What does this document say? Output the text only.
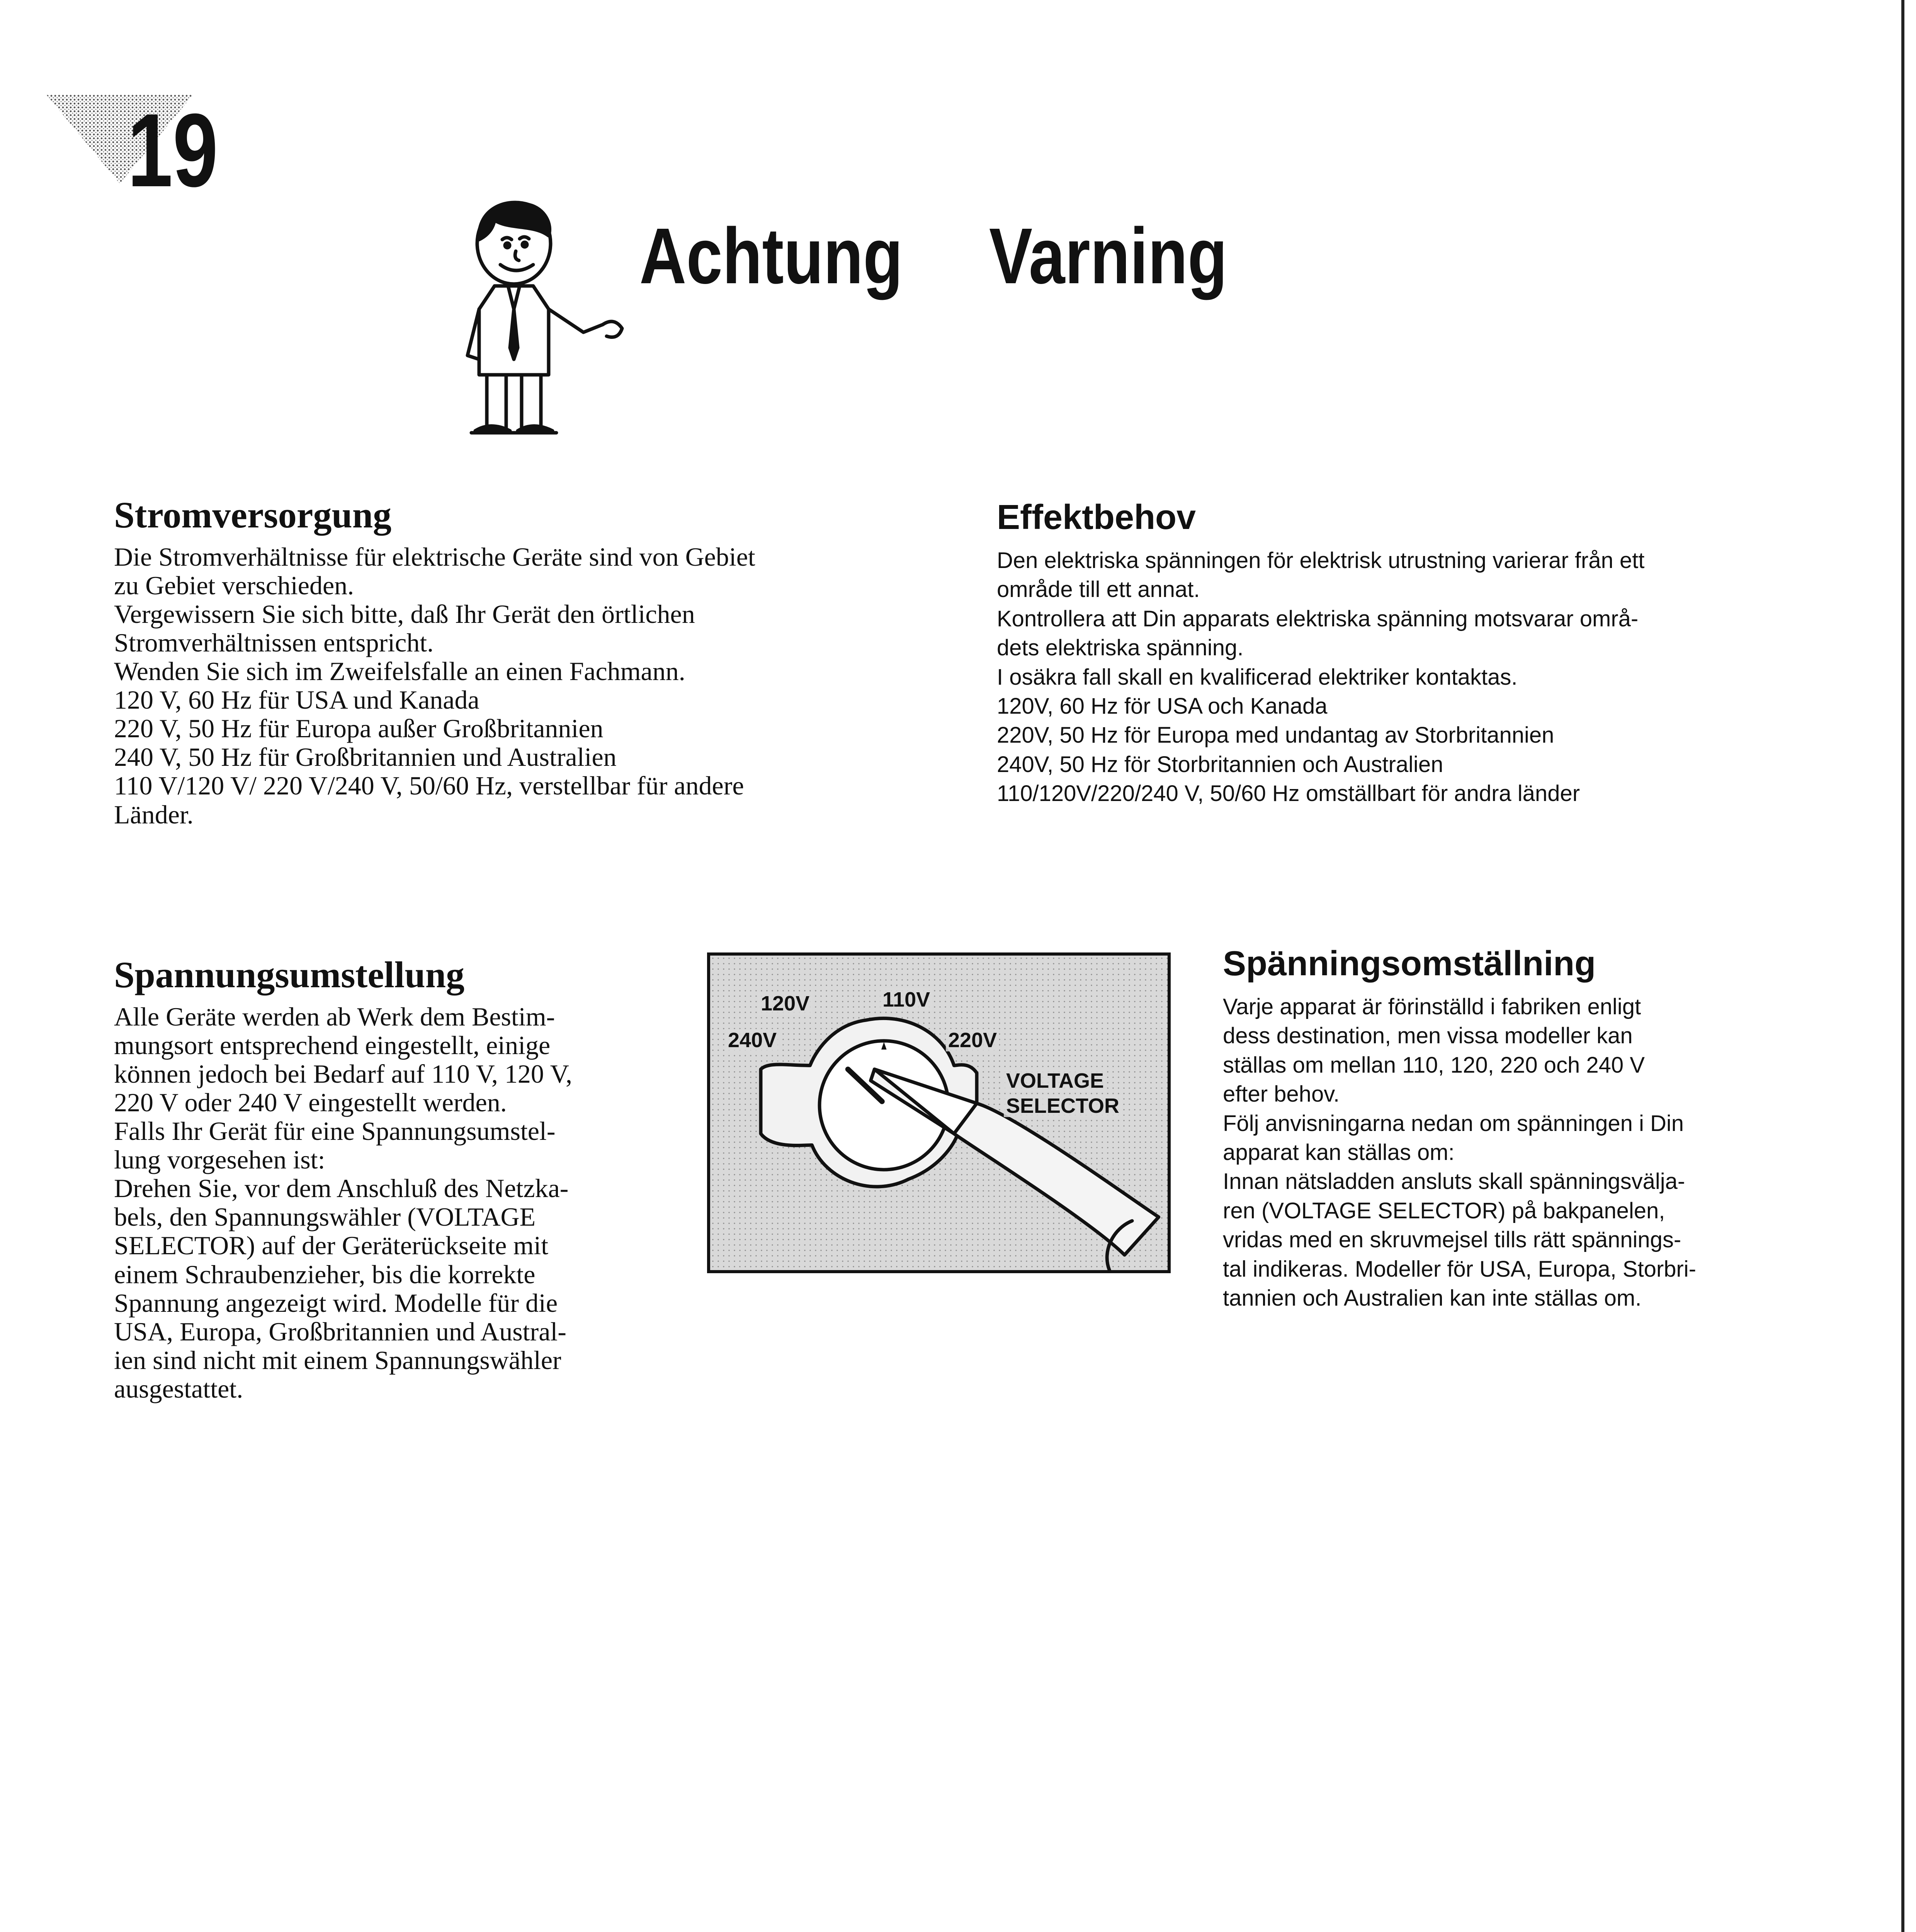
19
Achtung Varning
Stromversorgung

Die Stromverhältnisse für elektrische Geräte sind von Gebiet

zu Gebiet verschieden.

Vergewissern Sie sich bitte, daß Ihr Gerät den örtlichen

Stromverhältnissen entspricht.

Wenden Sie sich im Zweifelsfalle an einen Fachmann.

120 V, 60 Hz für USA und Kanada

220 V, 50 Hz für Europa außer Großbritannien

240 V, 50 Hz für Großbritannien und Australien

110 V/120 V/ 220 V/240 V, 50/60 Hz, verstellbar für andere

Länder.

Effektbehov

Den elektriska spänningen för elektrisk utrustning varierar från ett

område till ett annat.

Kontrollera att Din apparats elektriska spänning motsvarar områ-

dets elektriska spänning.

I osäkra fall skall en kvalificerad elektriker kontaktas.

120V, 60 Hz för USA och Kanada

220V, 50 Hz för Europa med undantag av Storbritannien

240V, 50 Hz för Storbritannien och Australien

110/120V/220/240 V, 50/60 Hz omställbart för andra länder

Spannungsumstellung

Alle Geräte werden ab Werk dem Bestim-

mungsort entsprechend eingestellt, einige

können jedoch bei Bedarf auf 110 V, 120 V,

220 V oder 240 V eingestellt werden.

Falls Ihr Gerät für eine Spannungsumstel-

lung vorgesehen ist:

Drehen Sie, vor dem Anschluß des Netzka-

bels, den Spannungswähler (VOLTAGE

SELECTOR) auf der Geräterückseite mit

einem Schraubenzieher, bis die korrekte

Spannung angezeigt wird. Modelle für die

USA, Europa, Großbritannien und Austral-

ien sind nicht mit einem Spannungswähler

ausgestattet.

120V	110V
240V	220V
VOLTAGE
SELECTOR
Spänningsomställning

Varje apparat är förinställd i fabriken enligt

dess destination, men vissa modeller kan

ställas om mellan 110, 120, 220 och 240 V

efter behov.

Följ anvisningarna nedan om spänningen i Din

apparat kan ställas om:

Innan nätsladden ansluts skall spänningsvälja-

ren (VOLTAGE SELECTOR) på bakpanelen,

vridas med en skruvmejsel tills rätt spännings-

tal indikeras. Modeller för USA, Europa, Storbri-

tannien och Australien kan inte ställas om.
